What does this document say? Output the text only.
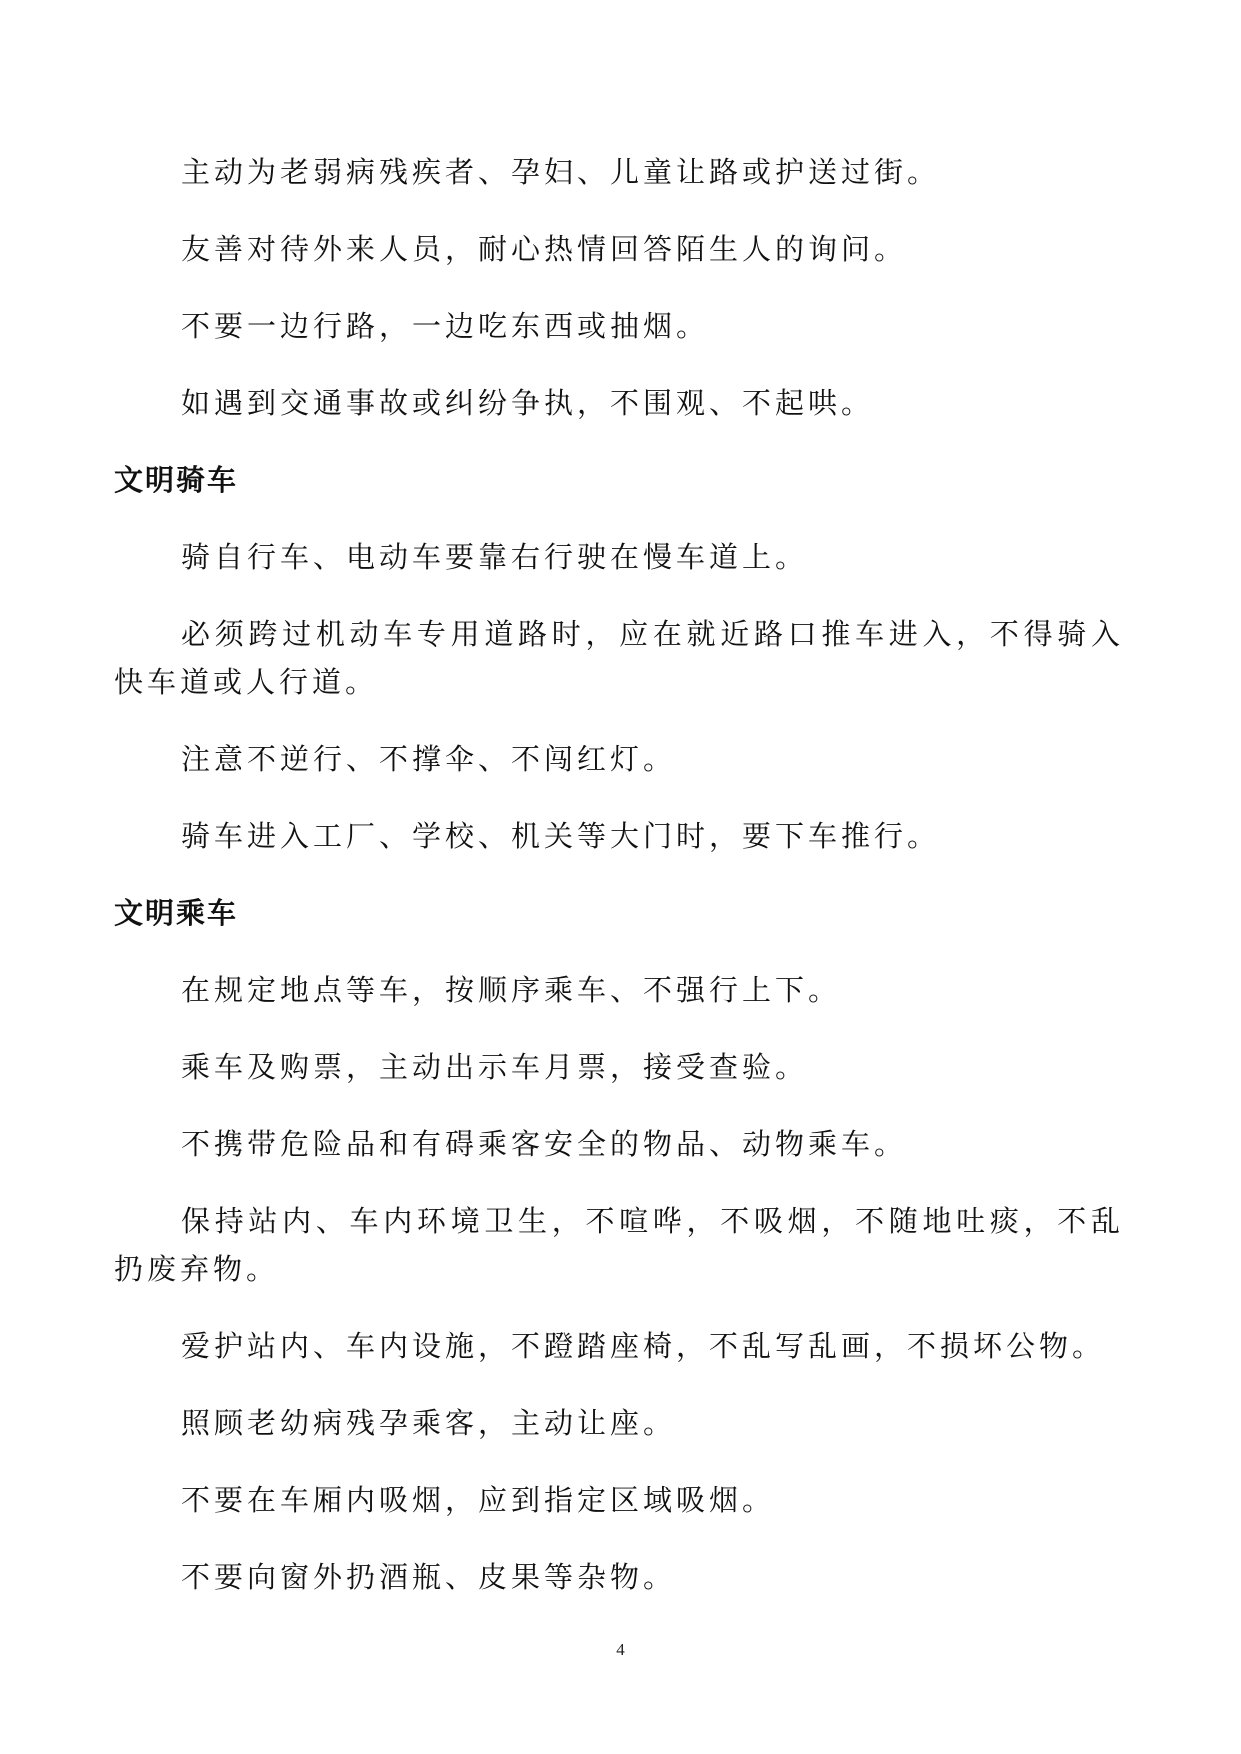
主动为老弱病残疾者、孕妇、儿童让路或护送过街。

友善对待外来人员，耐心热情回答陌生人的询问。

不要一边行路，一边吃东西或抽烟。

如遇到交通事故或纠纷争执，不围观、不起哄。

文明骑车

骑自行车、电动车要靠右行驶在慢车道上。

必须跨过机动车专用道路时，应在就近路口推车进入，不得骑入快车道或人行道。

注意不逆行、不撑伞、不闯红灯。

骑车进入工厂、学校、机关等大门时，要下车推行。

文明乘车

在规定地点等车，按顺序乘车、不强行上下。

乘车及购票，主动出示车月票，接受查验。

不携带危险品和有碍乘客安全的物品、动物乘车。

保持站内、车内环境卫生，不喧哗，不吸烟，不随地吐痰，不乱扔废弃物。

爱护站内、车内设施，不蹬踏座椅，不乱写乱画，不损坏公物。

照顾老幼病残孕乘客，主动让座。

不要在车厢内吸烟，应到指定区域吸烟。

不要向窗外扔酒瓶、皮果等杂物。

4
